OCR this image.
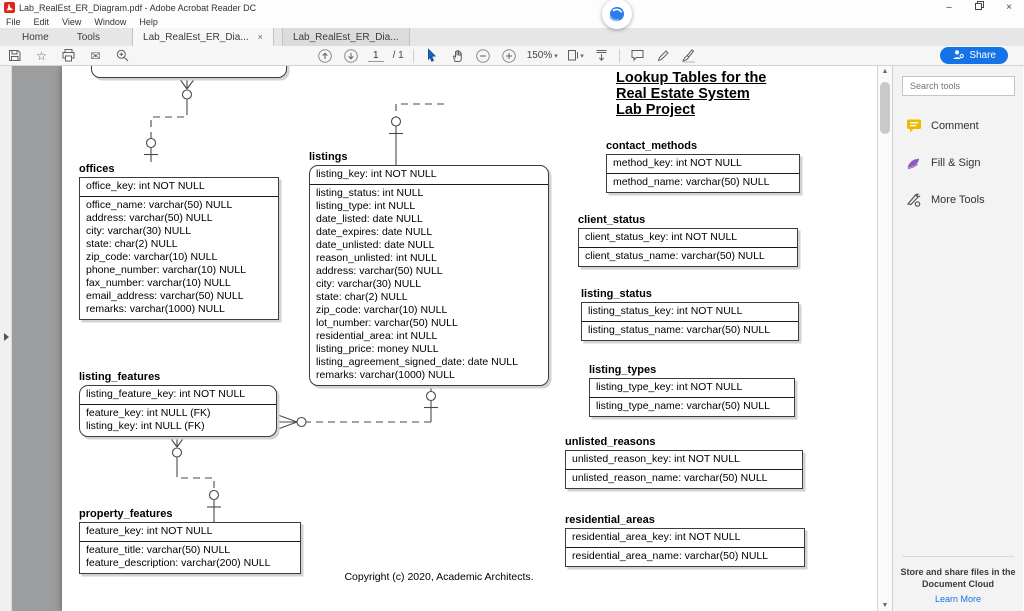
Lab_RealEst_ER_Diagram.pdf - Adobe Acrobat Reader DC	–	×
File Edit View Window Help
Home	Tools	Lab_RealEst_ER_Dia... ×	Lab_RealEst_ER_Dia...
☆	✉	1	/ 1	150% ▾	▾	Share
Lookup Tables for the
Real Estate System
Lab Project
offices
office_key: int NOT NULL
office_name: varchar(50) NULL
address: varchar(50) NULL
city: varchar(30) NULL
state: char(2) NULL
zip_code: varchar(10) NULL
phone_number: varchar(10) NULL
fax_number: varchar(10) NULL
email_address: varchar(50) NULL
remarks: varchar(1000) NULL
listings
listing_key: int NOT NULL
listing_status: int NULL
listing_type: int NULL
date_listed: date NULL
date_expires: date NULL
date_unlisted: date NULL
reason_unlisted: int NULL
address: varchar(50) NULL
city: varchar(30) NULL
state: char(2) NULL
zip_code: varchar(10) NULL
lot_number: varchar(50) NULL
residential_area: int NULL
listing_price: money NULL
listing_agreement_signed_date: date NULL
remarks: varchar(1000) NULL
listing_features
listing_feature_key: int NOT NULL
feature_key: int NULL (FK)
listing_key: int NULL (FK)
property_features
feature_key: int NOT NULL
feature_title: varchar(50) NULL
feature_description: varchar(200) NULL
contact_methods
method_key: int NOT NULL
method_name: varchar(50) NULL
client_status
client_status_key: int NOT NULL
client_status_name: varchar(50) NULL
listing_status
listing_status_key: int NOT NULL
listing_status_name: varchar(50) NULL
listing_types
listing_type_key: int NOT NULL
listing_type_name: varchar(50) NULL
unlisted_reasons
unlisted_reason_key: int NOT NULL
unlisted_reason_name: varchar(50) NULL
residential_areas
residential_area_key: int NOT NULL
residential_area_name: varchar(50) NULL
Copyright (c) 2020, Academic Architects.
▲
▼
Search tools
Comment
Fill & Sign
More Tools
Store and share files in the
Document Cloud
Learn More
